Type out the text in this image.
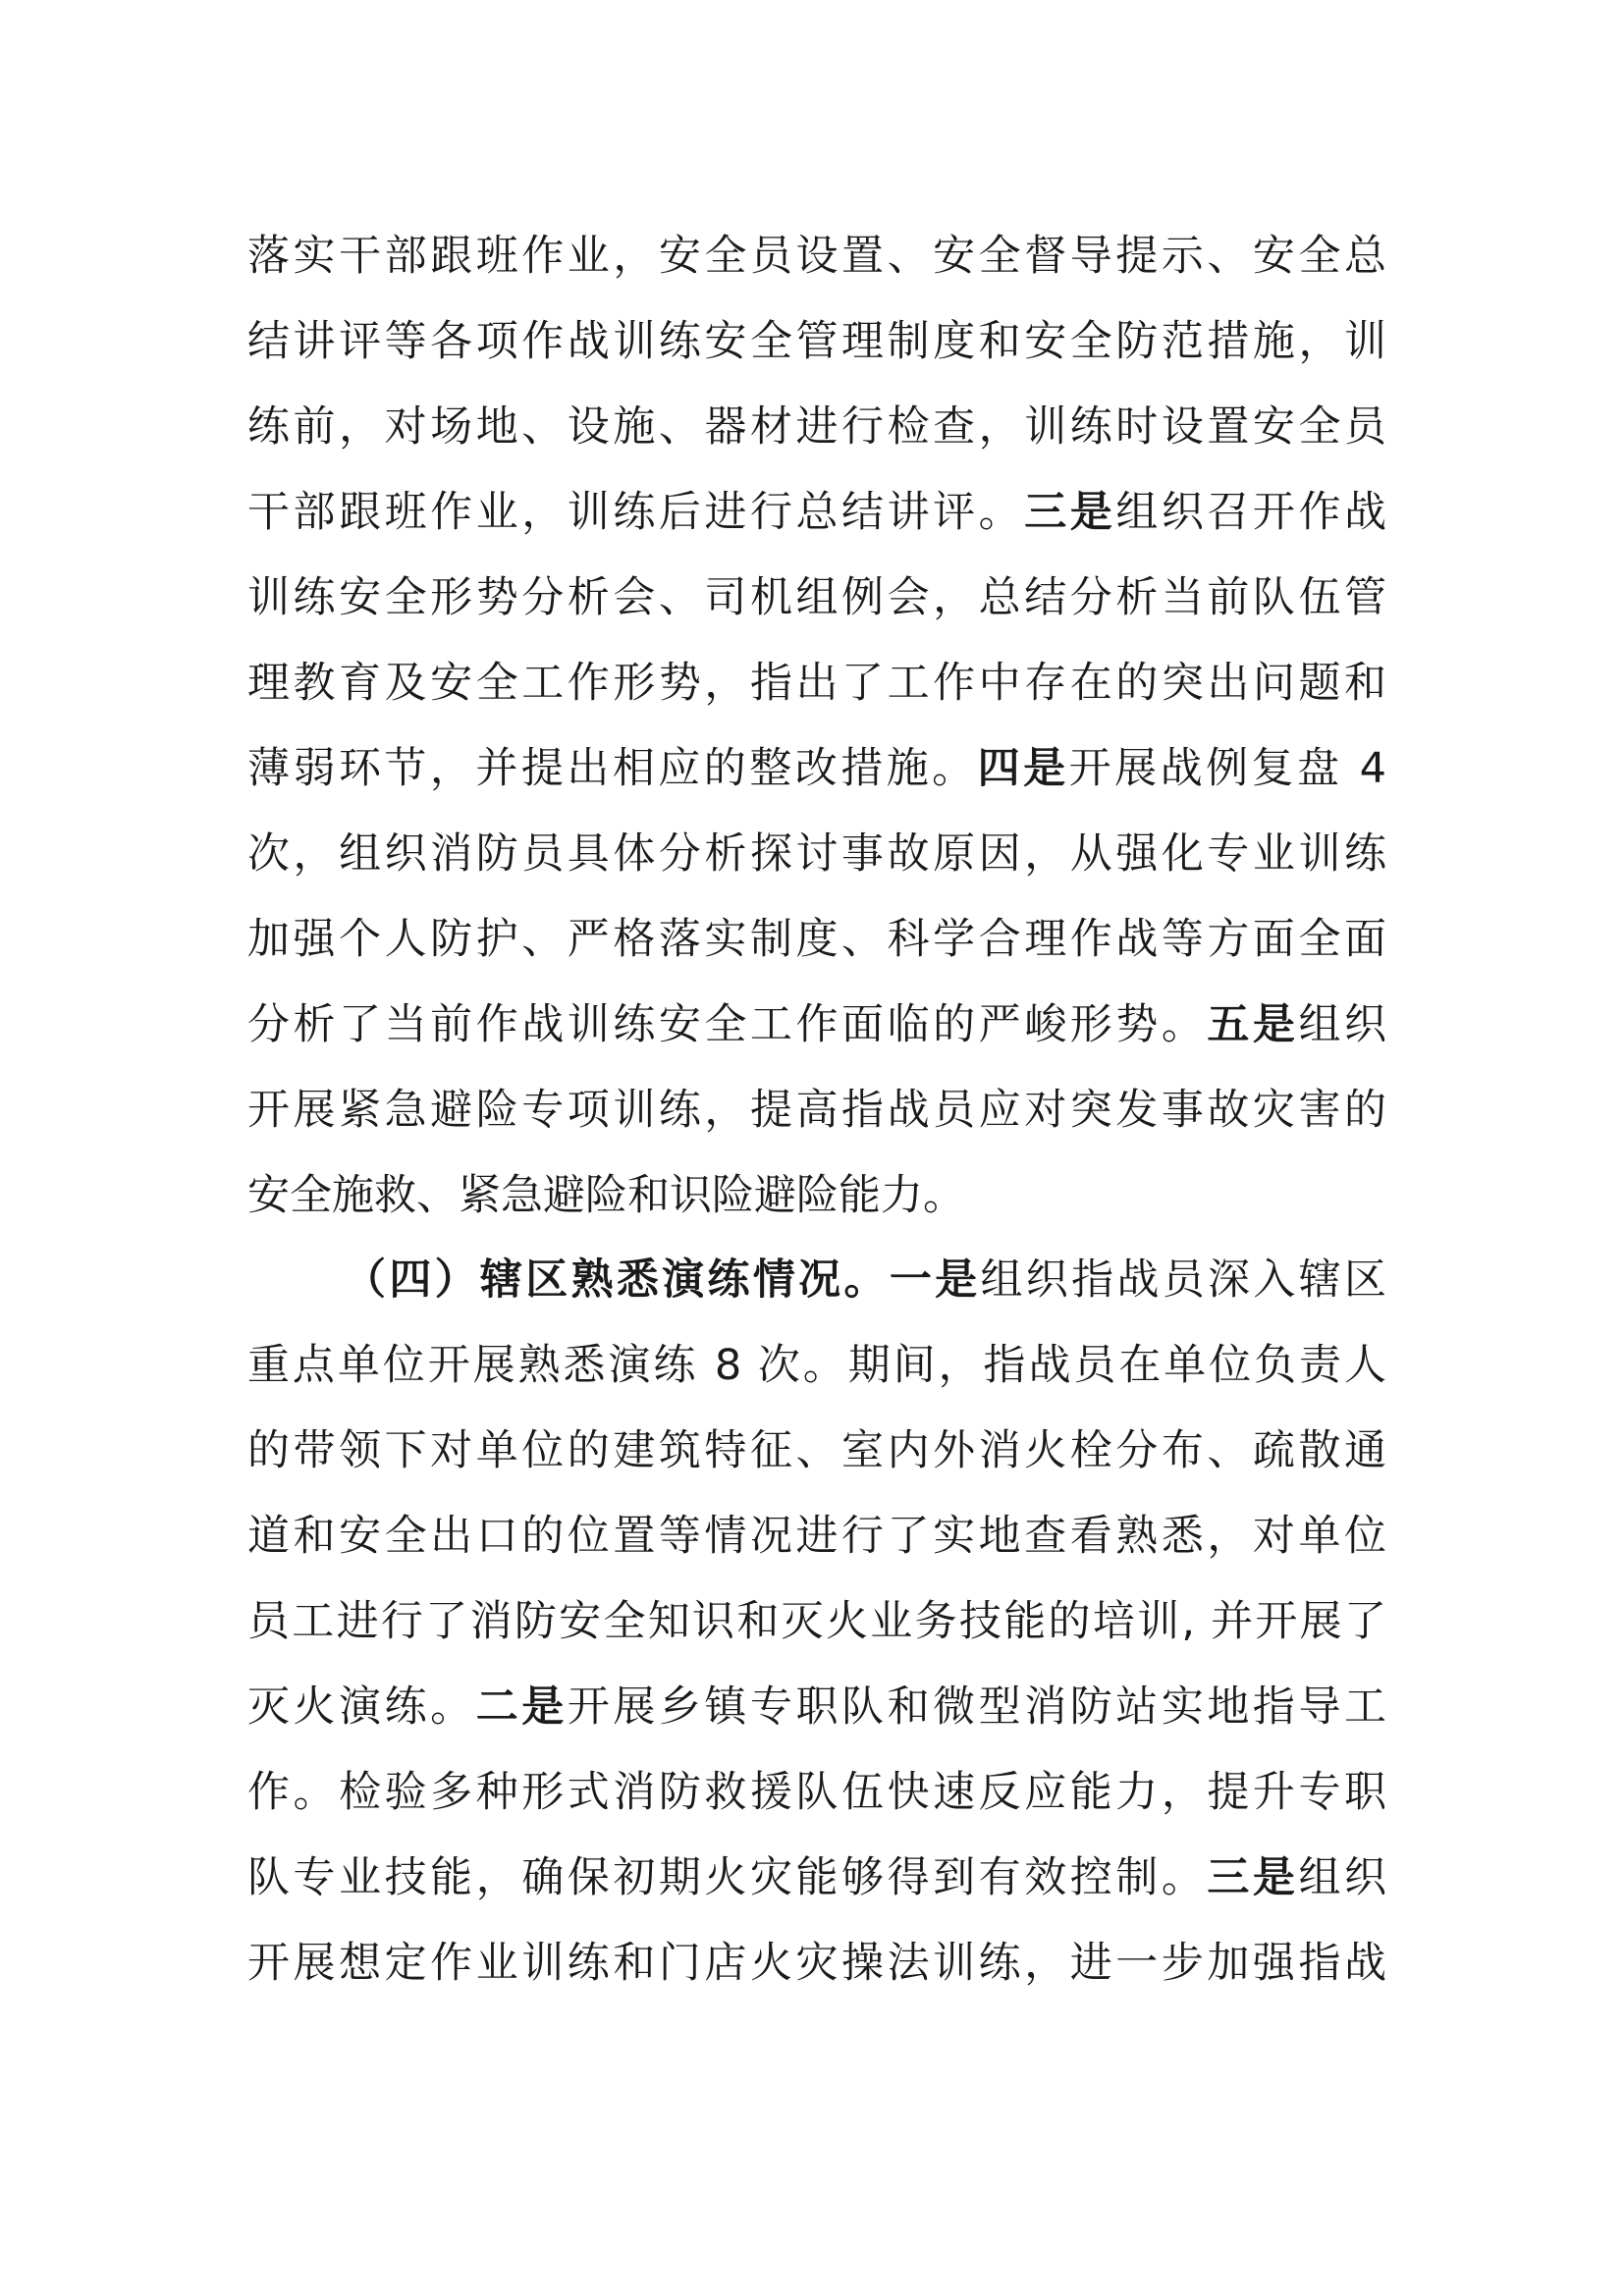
落实干部跟班作业，安全员设置、安全督导提示、安全总
结讲评等各项作战训练安全管理制度和安全防范措施，训
练前，对场地、设施、器材进行检查，训练时设置安全员
干部跟班作业，训练后进行总结讲评。三是组织召开作战
训练安全形势分析会、司机组例会，总结分析当前队伍管
理教育及安全工作形势，指出了工作中存在的突出问题和
薄弱环节，并提出相应的整改措施。四是开展战例复盘 4
次，组织消防员具体分析探讨事故原因，从强化专业训练
加强个人防护、严格落实制度、科学合理作战等方面全面
分析了当前作战训练安全工作面临的严峻形势。五是组织
开展紧急避险专项训练，提高指战员应对突发事故灾害的
安全施救、紧急避险和识险避险能力。
（四）辖区熟悉演练情况。一是组织指战员深入辖区
重点单位开展熟悉演练 8 次。期间，指战员在单位负责人
的带领下对单位的建筑特征、室内外消火栓分布、疏散通
道和安全出口的位置等情况进行了实地查看熟悉，对单位
员工进行了消防安全知识和灭火业务技能的培训, 并开展了
灭火演练。二是开展乡镇专职队和微型消防站实地指导工
作。检验多种形式消防救援队伍快速反应能力，提升专职
队专业技能，确保初期火灾能够得到有效控制。三是组织
开展想定作业训练和门店火灾操法训练，进一步加强指战
